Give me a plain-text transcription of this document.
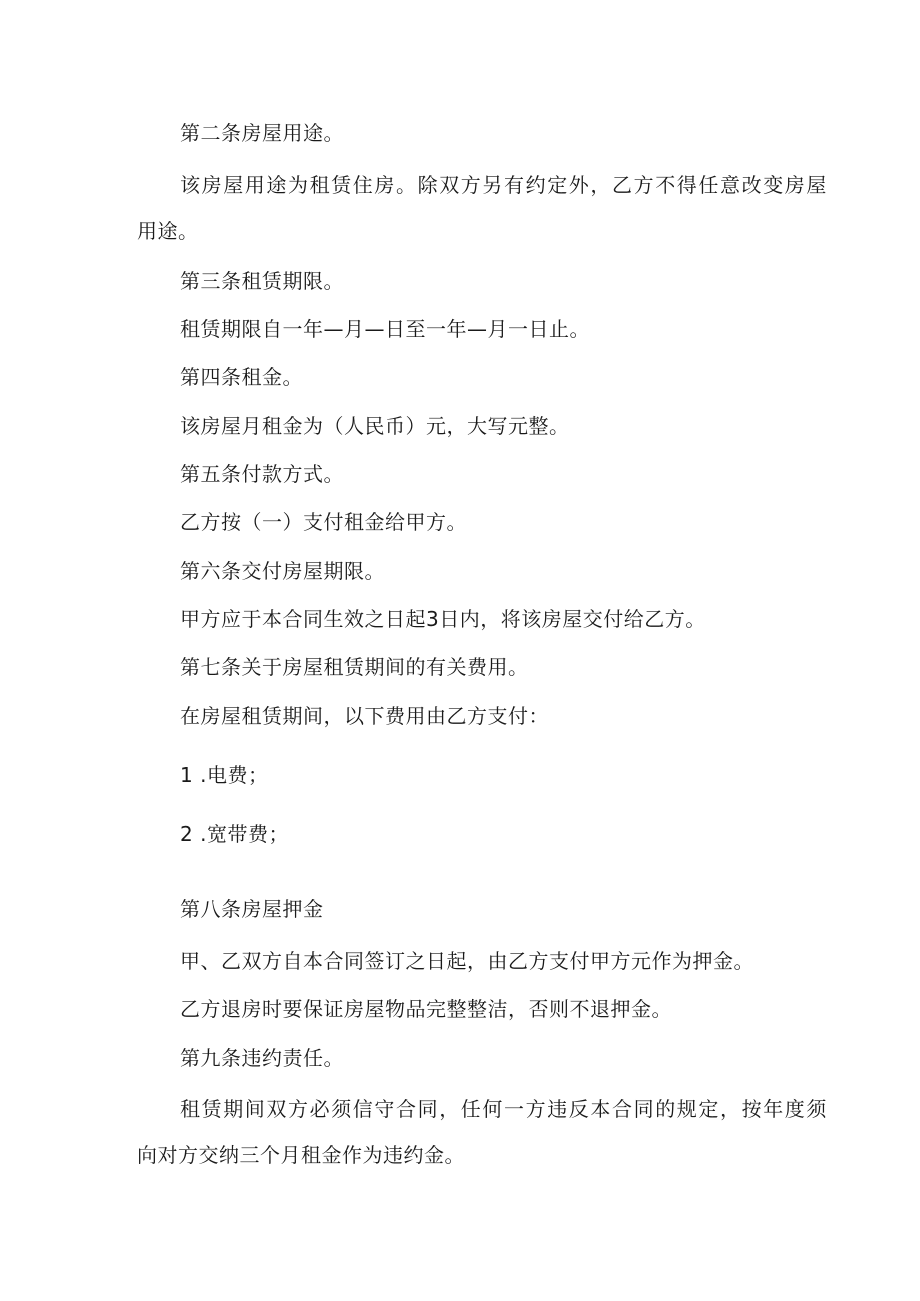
第二条房屋用途。
该房屋用途为租赁住房。除双方另有约定外，乙方不得任意改变房屋
用途。
第三条租赁期限。
租赁期限自一年—月—日至一年—月一日止。
第四条租金。
该房屋月租金为（人民币）元，大写元整。
第五条付款方式。
乙方按（一）支付租金给甲方。
第六条交付房屋期限。
甲方应于本合同生效之日起3日内，将该房屋交付给乙方。
第七条关于房屋租赁期间的有关费用。
在房屋租赁期间，以下费用由乙方支付：
1 .电费；
2 .宽带费；
第八条房屋押金
甲、乙双方自本合同签订之日起，由乙方支付甲方元作为押金。
乙方退房时要保证房屋物品完整整洁，否则不退押金。
第九条违约责任。
租赁期间双方必须信守合同，任何一方违反本合同的规定，按年度须
向对方交纳三个月租金作为违约金。
